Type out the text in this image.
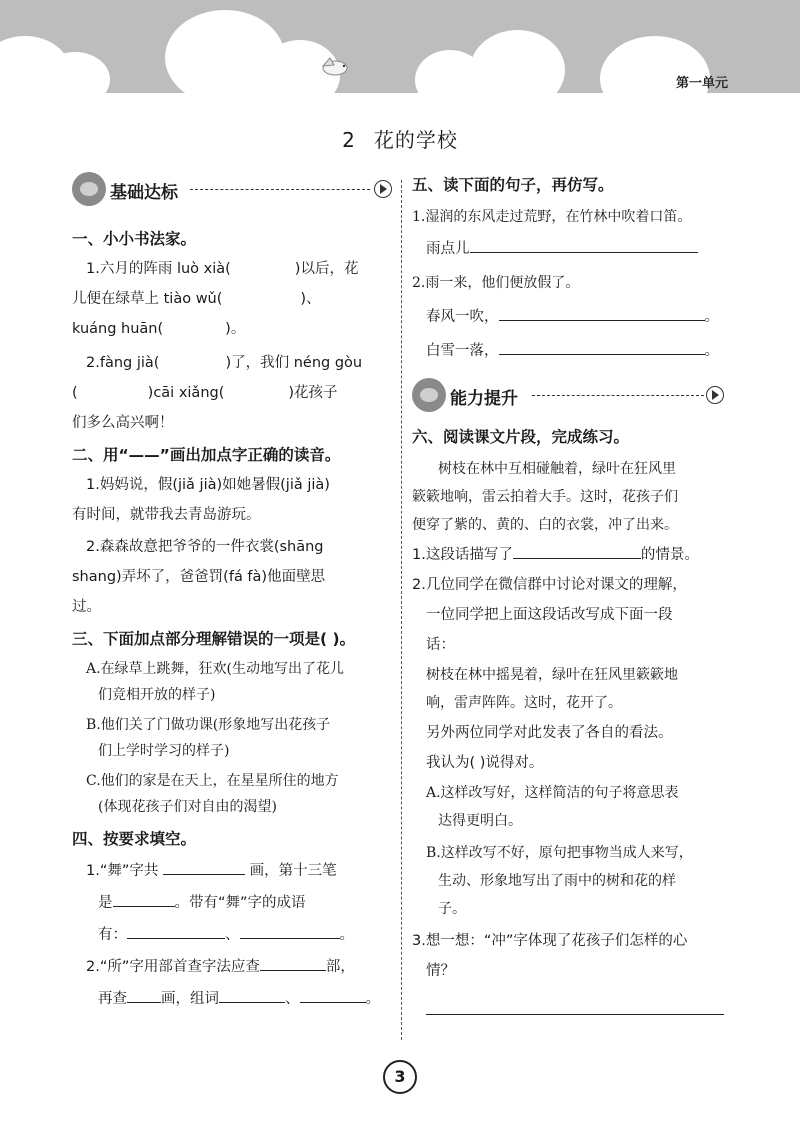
第一单元
2 花的学校
基础达标

一、小小书法家。

1.六月的阵雨 luò xià(	)以后，花

儿便在绿草上 tiào wǔ(	)、

kuáng huān(	)。

2.fàng jià(	)了，我们 néng gòu

(	)cāi xiǎng(	)花孩子

们多么高兴啊！

二、用“——”画出加点字正确的读音。

1.妈妈说，假(jiǎ jià)如她暑假(jiǎ jià)

有时间，就带我去青岛游玩。

2.森森故意把爷爷的一件衣裳(shāng

shang)弄坏了，爸爸罚(fá fà)他面壁思

过。

三、下面加点部分理解错误的一项是( )。

A.在绿草上跳舞，狂欢(生动地写出了花儿

们竞相开放的样子)

B.他们关了门做功课(形象地写出花孩子

们上学时学习的样子)

C.他们的家是在天上，在星星所住的地方

(体现花孩子们对自由的渴望)

四、按要求填空。

1.“舞”字共	画，第十三笔

是	。带有“舞”字的成语

有：	、	。

2.“所”字用部首查字法应查	部，

再查 画，组词	、	。

五、读下面的句子，再仿写。

1.湿润的东风走过荒野，在竹林中吹着口笛。

雨点儿

2.雨一来，他们便放假了。

春风一吹，	。

白雪一落，	。

能力提升

六、阅读课文片段，完成练习。

树枝在林中互相碰触着，绿叶在狂风里

簌簌地响，雷云拍着大手。这时，花孩子们

便穿了紫的、黄的、白的衣裳，冲了出来。

1.这段话描写了	的情景。

2.几位同学在微信群中讨论对课文的理解，

一位同学把上面这段话改写成下面一段

话：

树枝在林中摇晃着，绿叶在狂风里簌簌地

响，雷声阵阵。这时，花开了。

另外两位同学对此发表了各自的看法。

我认为( )说得对。

A.这样改写好，这样简洁的句子将意思表

达得更明白。

B.这样改写不好，原句把事物当成人来写，

生动、形象地写出了雨中的树和花的样

子。

3.想一想：“冲”字体现了花孩子们怎样的心

情？

3
